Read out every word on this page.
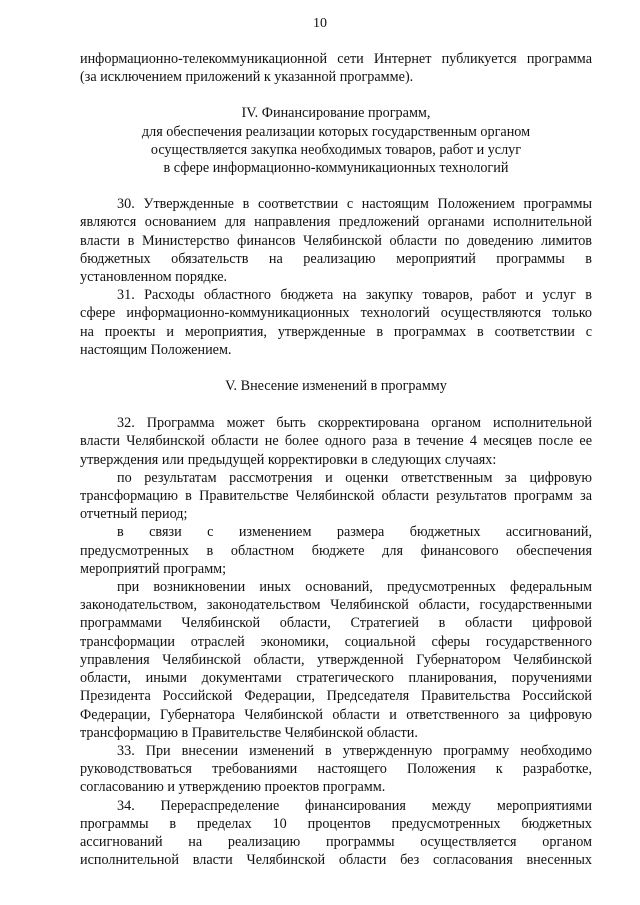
10

информационно-телекоммуникационной сети Интернет публикуется программа

(за исключением приложений к указанной программе).

IV. Финансирование программ,

для обеспечения реализации которых государственным органом

осуществляется закупка необходимых товаров, работ и услуг

в сфере информационно-коммуникационных технологий

30. Утвержденные в соответствии с настоящим Положением программы

являются основанием для направления предложений органами исполнительной

власти в Министерство финансов Челябинской области по доведению лимитов

бюджетных обязательств на реализацию мероприятий программы в

установленном порядке.

31. Расходы областного бюджета на закупку товаров, работ и услуг в

сфере информационно-коммуникационных технологий осуществляются только

на проекты и мероприятия, утвержденные в программах в соответствии с

настоящим Положением.

V. Внесение изменений в программу

32. Программа может быть скорректирована органом исполнительной

власти Челябинской области не более одного раза в течение 4 месяцев после ее

утверждения или предыдущей корректировки в следующих случаях:

по результатам рассмотрения и оценки ответственным за цифровую

трансформацию в Правительстве Челябинской области результатов программ за

отчетный период;

в связи с изменением размера бюджетных ассигнований,

предусмотренных в областном бюджете для финансового обеспечения

мероприятий программ;

при возникновении иных оснований, предусмотренных федеральным

законодательством, законодательством Челябинской области, государственными

программами Челябинской области, Стратегией в области цифровой

трансформации отраслей экономики, социальной сферы государственного

управления Челябинской области, утвержденной Губернатором Челябинской

области, иными документами стратегического планирования, поручениями

Президента Российской Федерации, Председателя Правительства Российской

Федерации, Губернатора Челябинской области и ответственного за цифровую

трансформацию в Правительстве Челябинской области.

33. При внесении изменений в утвержденную программу необходимо

руководствоваться требованиями настоящего Положения к разработке,

согласованию и утверждению проектов программ.

34. Перераспределение финансирования между мероприятиями

программы в пределах 10 процентов предусмотренных бюджетных

ассигнований на реализацию программы осуществляется органом

исполнительной власти Челябинской области без согласования внесенных
